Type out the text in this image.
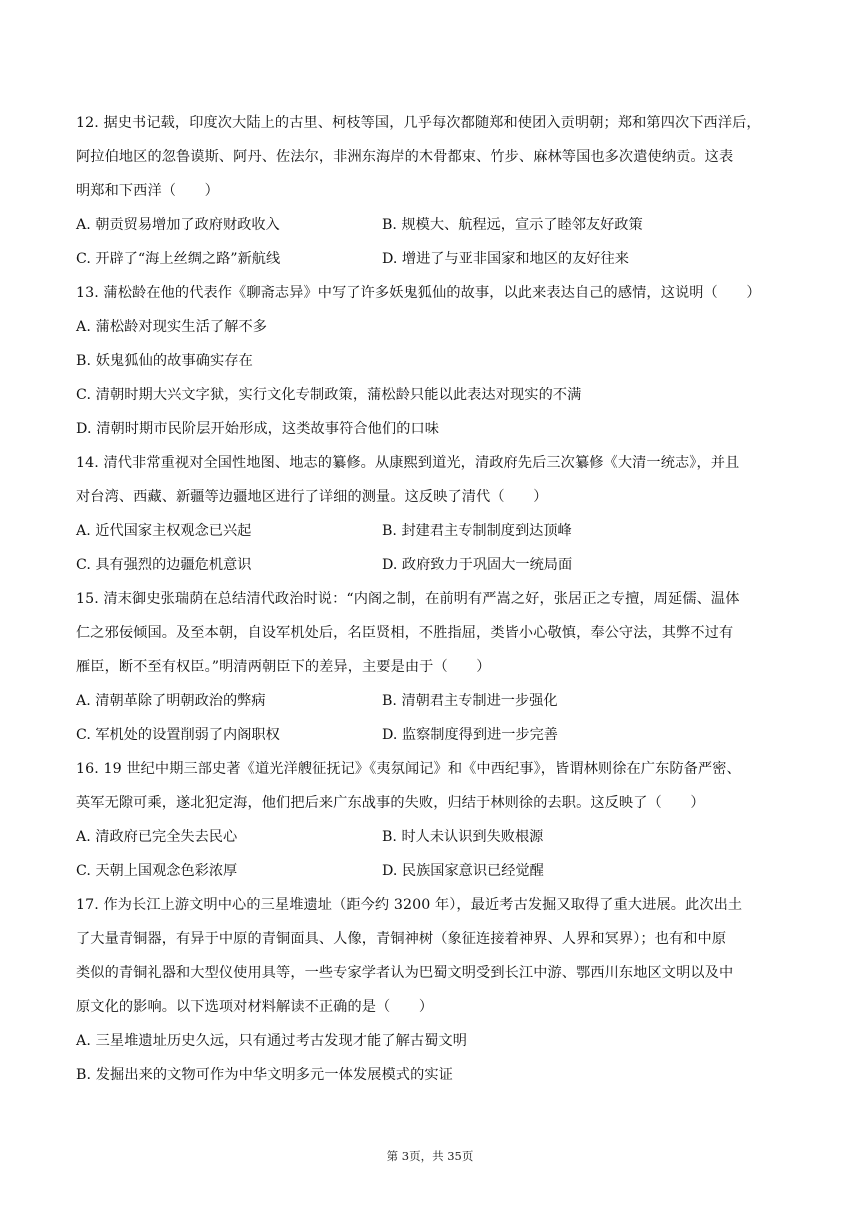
12. 据史书记载，印度次大陆上的古里、柯枝等国，几乎每次都随郑和使团入贡明朝；郑和第四次下西洋后，
阿拉伯地区的忽鲁谟斯、阿丹、佐法尔，非洲东海岸的木骨都束、竹步、麻林等国也多次遣使纳贡。这表
明郑和下西洋（　　）
A. 朝贡贸易增加了政府财政收入	B. 规模大、航程远，宣示了睦邻友好政策
C. 开辟了“海上丝绸之路”新航线	D. 增进了与亚非国家和地区的友好往来
13. 蒲松龄在他的代表作《聊斋志异》中写了许多妖鬼狐仙的故事，以此来表达自己的感情，这说明（　　）
A. 蒲松龄对现实生活了解不多
B. 妖鬼狐仙的故事确实存在
C. 清朝时期大兴文字狱，实行文化专制政策，蒲松龄只能以此表达对现实的不满
D. 清朝时期市民阶层开始形成，这类故事符合他们的口味
14. 清代非常重视对全国性地图、地志的纂修。从康熙到道光，清政府先后三次纂修《大清一统志》，并且
对台湾、西藏、新疆等边疆地区进行了详细的测量。这反映了清代（　　）
A. 近代国家主权观念已兴起	B. 封建君主专制制度到达顶峰
C. 具有强烈的边疆危机意识	D. 政府致力于巩固大一统局面
15. 清末御史张瑞荫在总结清代政治时说：“内阁之制，在前明有严嵩之好，张居正之专擅，周延儒、温体
仁之邪佞倾国。及至本朝，自设军机处后，名臣贤相，不胜指屈，类皆小心敬慎，奉公守法，其弊不过有
雁臣，断不至有权臣。”明清两朝臣下的差异，主要是由于（　　）
A. 清朝革除了明朝政治的弊病	B. 清朝君主专制进一步强化
C. 军机处的设置削弱了内阁职权	D. 监察制度得到进一步完善
16. 19 世纪中期三部史著《道光洋艘征抚记》《夷氛闻记》和《中西纪事》，皆谓林则徐在广东防备严密、
英军无隙可乘，遂北犯定海，他们把后来广东战事的失败，归结于林则徐的去职。这反映了（　　）
A. 清政府已完全失去民心	B. 时人未认识到失败根源
C. 天朝上国观念色彩浓厚	D. 民族国家意识已经觉醒
17. 作为长江上游文明中心的三星堆遗址（距今约 3200 年），最近考古发掘又取得了重大进展。此次出土
了大量青铜器，有异于中原的青铜面具、人像，青铜神树（象征连接着神界、人界和冥界）；也有和中原
类似的青铜礼器和大型仪使用具等，一些专家学者认为巴蜀文明受到长江中游、鄂西川东地区文明以及中
原文化的影响。以下选项对材料解读不正确的是（　　）
A. 三星堆遗址历史久远，只有通过考古发现才能了解古蜀文明
B. 发掘出来的文物可作为中华文明多元一体发展模式的实证
第 3页，共 35页
